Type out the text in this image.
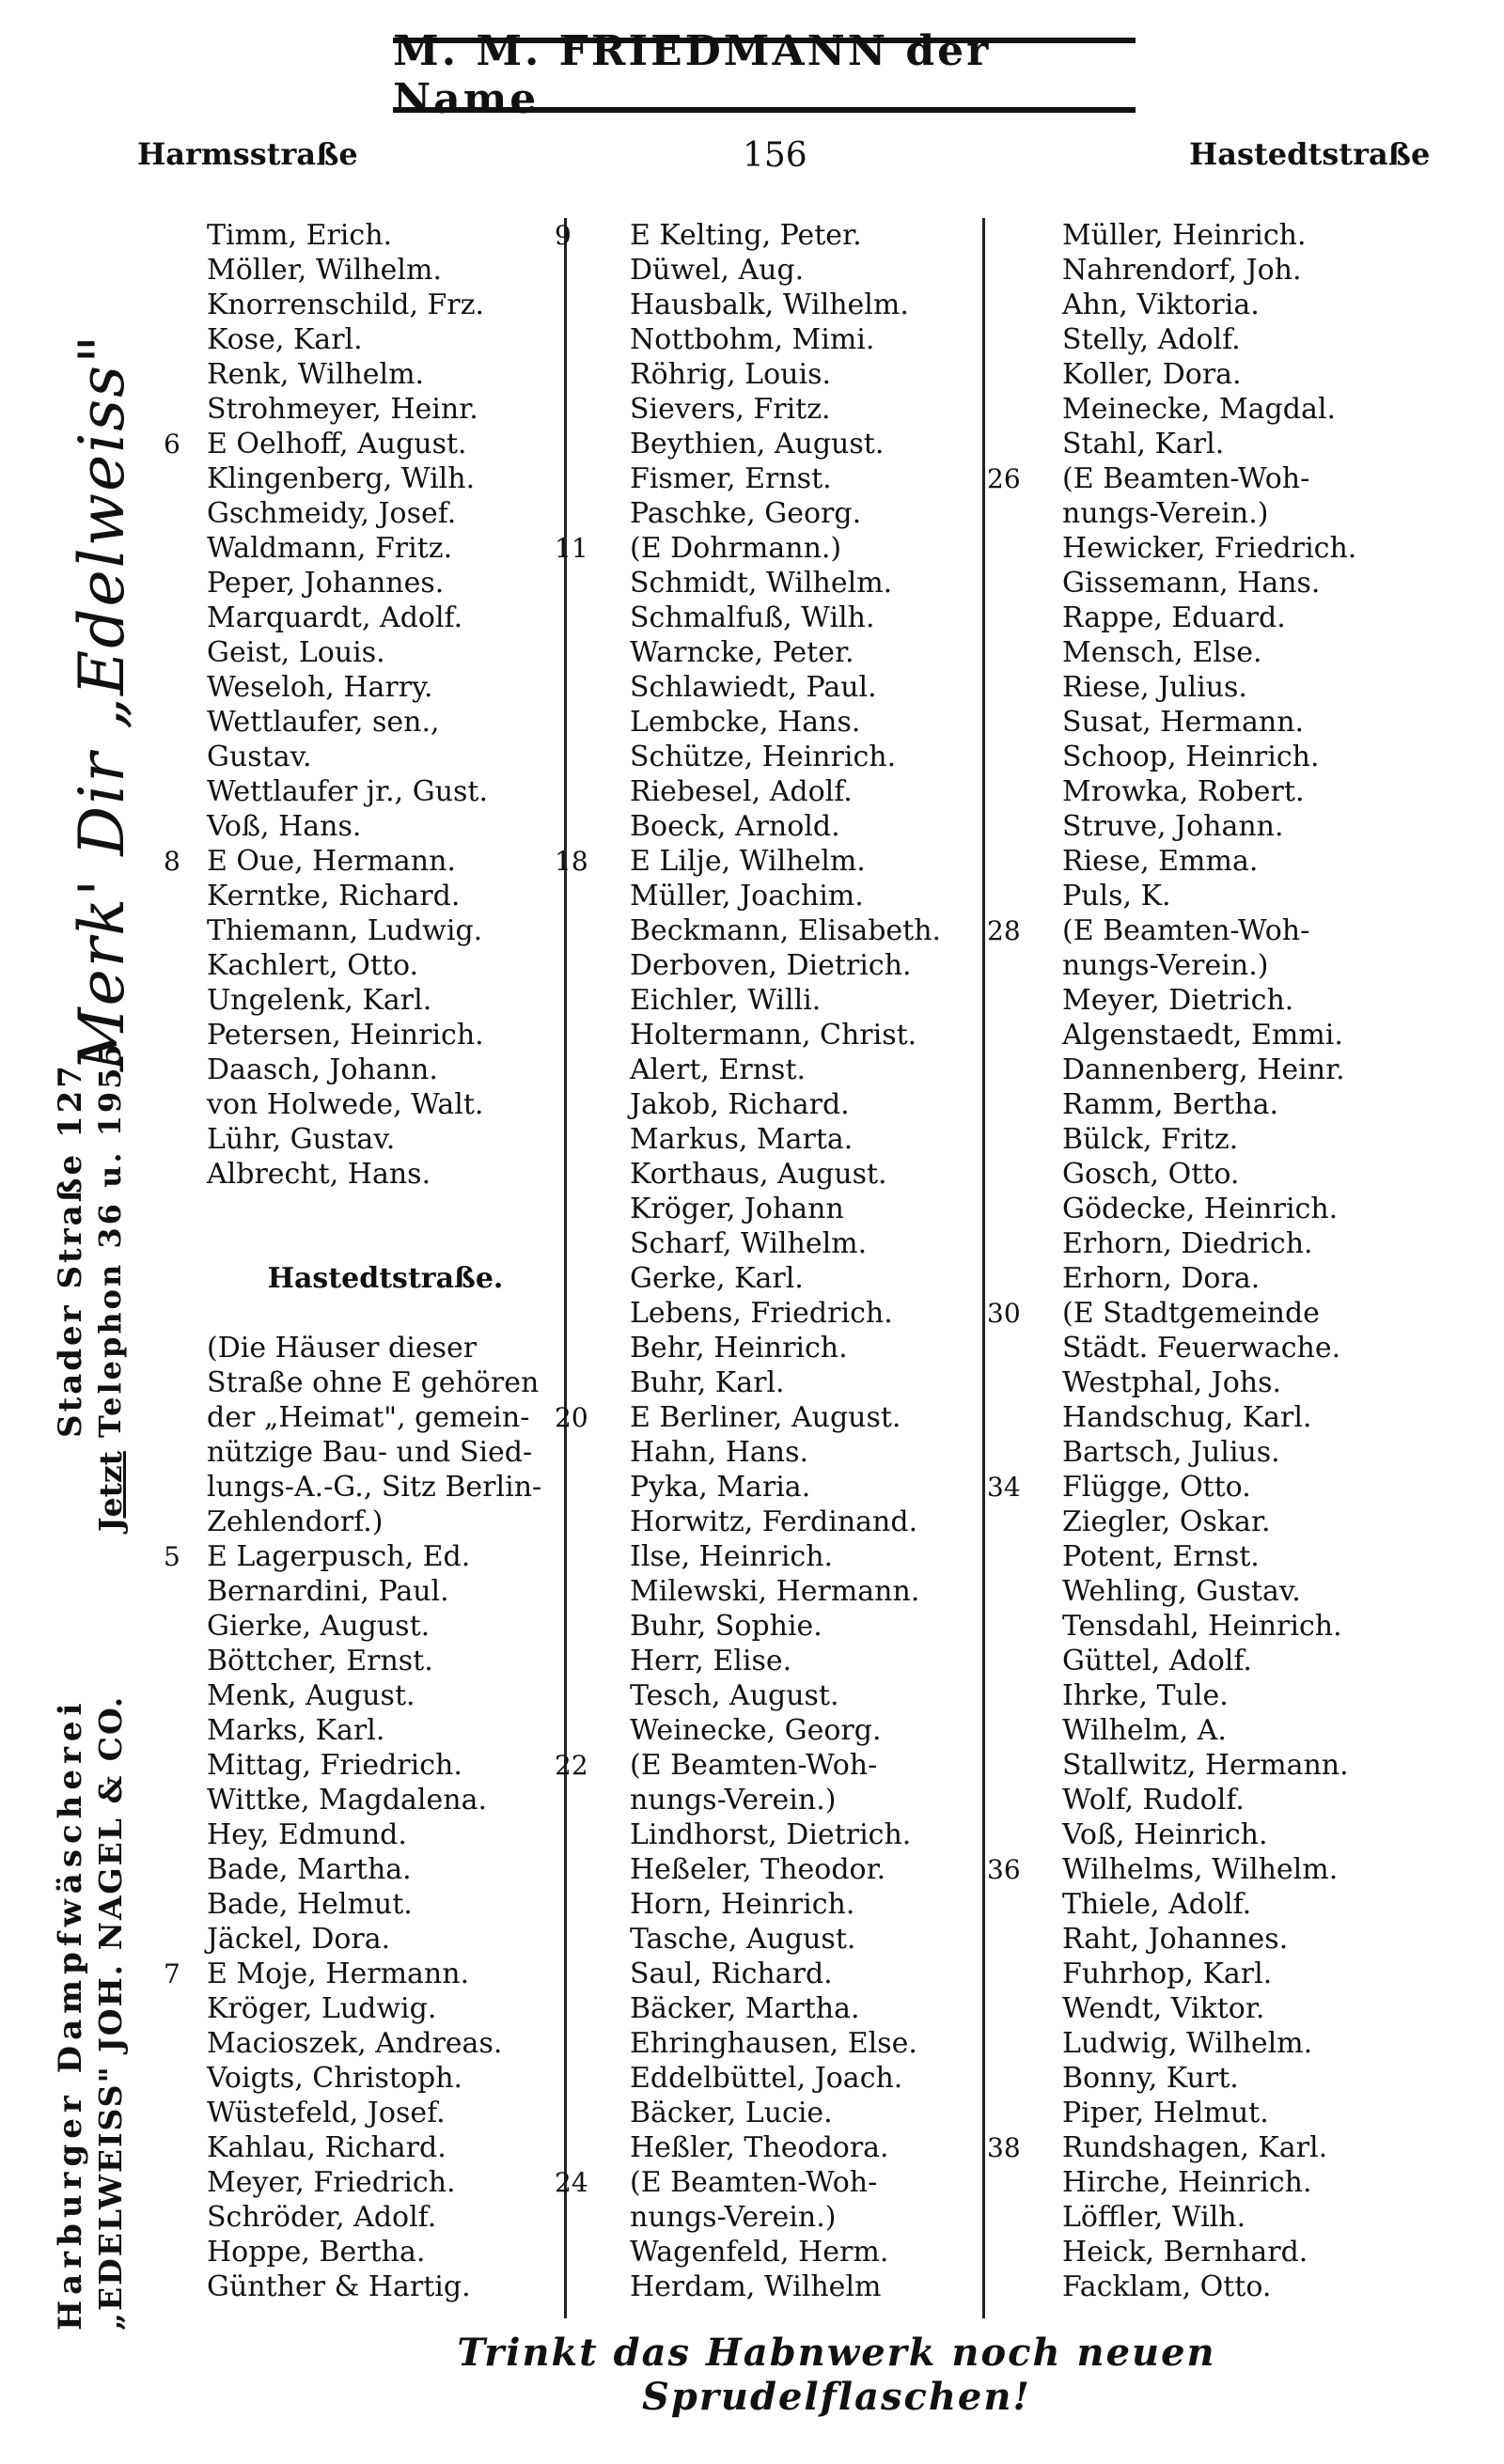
M. M. FRIEDMANN der Name
Harmsstraße	156	Hastedtstraße
Merk' Dir „Edelweiss"
Stader Straße 127 Telephon 36 u. 1955
Jetzt
Harburger Dampfwäscherei „EDELWEISS" JOH. NAGEL & CO.
Timm, Erich.
Möller, Wilhelm.
Knorrenschild, Frz.
Kose, Karl.
Renk, Wilhelm.
Strohmeyer, Heinr.
6 E Oelhoff, August.
Klingenberg, Wilh.
Gschmeidy, Josef.
Waldmann, Fritz.
Peper, Johannes.
Marquardt, Adolf.
Geist, Louis.
Weseloh, Harry.
Wettlaufer, sen.,
Gustav.
Wettlaufer jr., Gust.
Voß, Hans.
8 E Oue, Hermann.
Kerntke, Richard.
Thiemann, Ludwig.
Kachlert, Otto.
Ungelenk, Karl.
Petersen, Heinrich.
Daasch, Johann.
von Holwede, Walt.
Lühr, Gustav.
Albrecht, Hans.
Hastedtstraße.
(Die Häuser dieser
Straße ohne E gehören
der „Heimat", gemein-
nützige Bau- und Sied-
lungs-A.-G., Sitz Berlin-
Zehlendorf.)
5 E Lagerpusch, Ed.
Bernardini, Paul.
Gierke, August.
Böttcher, Ernst.
Menk, August.
Marks, Karl.
Mittag, Friedrich.
Wittke, Magdalena.
Hey, Edmund.
Bade, Martha.
Bade, Helmut.
Jäckel, Dora.
7 E Moje, Hermann.
Kröger, Ludwig.
Macioszek, Andreas.
Voigts, Christoph.
Wüstefeld, Josef.
Kahlau, Richard.
Meyer, Friedrich.
Schröder, Adolf.
Hoppe, Bertha.
Günther & Hartig.
9 E Kelting, Peter.
Düwel, Aug.
Hausbalk, Wilhelm.
Nottbohm, Mimi.
Röhrig, Louis.
Sievers, Fritz.
Beythien, August.
Fismer, Ernst.
Paschke, Georg.
11 (E Dohrmann.)
Schmidt, Wilhelm.
Schmalfuß, Wilh.
Warncke, Peter.
Schlawiedt, Paul.
Lembcke, Hans.
Schütze, Heinrich.
Riebesel, Adolf.
Boeck, Arnold.
18 E Lilje, Wilhelm.
Müller, Joachim.
Beckmann, Elisabeth.
Derboven, Dietrich.
Eichler, Willi.
Holtermann, Christ.
Alert, Ernst.
Jakob, Richard.
Markus, Marta.
Korthaus, August.
Kröger, Johann
Scharf, Wilhelm.
Gerke, Karl.
Lebens, Friedrich.
Behr, Heinrich.
Buhr, Karl.
20 E Berliner, August.
Hahn, Hans.
Pyka, Maria.
Horwitz, Ferdinand.
Ilse, Heinrich.
Milewski, Hermann.
Buhr, Sophie.
Herr, Elise.
Tesch, August.
Weinecke, Georg.
22 (E Beamten-Woh-
nungs-Verein.)
Lindhorst, Dietrich.
Heßeler, Theodor.
Horn, Heinrich.
Tasche, August.
Saul, Richard.
Bäcker, Martha.
Ehringhausen, Else.
Eddelbüttel, Joach.
Bäcker, Lucie.
Heßler, Theodora.
24 (E Beamten-Woh-
nungs-Verein.)
Wagenfeld, Herm.
Herdam, Wilhelm
Müller, Heinrich.
Nahrendorf, Joh.
Ahn, Viktoria.
Stelly, Adolf.
Koller, Dora.
Meinecke, Magdal.
Stahl, Karl.
26 (E Beamten-Woh-
nungs-Verein.)
Hewicker, Friedrich.
Gissemann, Hans.
Rappe, Eduard.
Mensch, Else.
Riese, Julius.
Susat, Hermann.
Schoop, Heinrich.
Mrowka, Robert.
Struve, Johann.
Riese, Emma.
Puls, K.
28 (E Beamten-Woh-
nungs-Verein.)
Meyer, Dietrich.
Algenstaedt, Emmi.
Dannenberg, Heinr.
Ramm, Bertha.
Bülck, Fritz.
Gosch, Otto.
Gödecke, Heinrich.
Erhorn, Diedrich.
Erhorn, Dora.
30 (E Stadtgemeinde
Städt. Feuerwache.
Westphal, Johs.
Handschug, Karl.
Bartsch, Julius.
34 Flügge, Otto.
Ziegler, Oskar.
Potent, Ernst.
Wehling, Gustav.
Tensdahl, Heinrich.
Güttel, Adolf.
Ihrke, Tule.
Wilhelm, A.
Stallwitz, Hermann.
Wolf, Rudolf.
Voß, Heinrich.
36 Wilhelms, Wilhelm.
Thiele, Adolf.
Raht, Johannes.
Fuhrhop, Karl.
Wendt, Viktor.
Ludwig, Wilhelm.
Bonny, Kurt.
Piper, Helmut.
38 Rundshagen, Karl.
Hirche, Heinrich.
Löffler, Wilh.
Heick, Bernhard.
Facklam, Otto.
Trinkt das Habnwerk noch neuen Sprudelflaschen!
